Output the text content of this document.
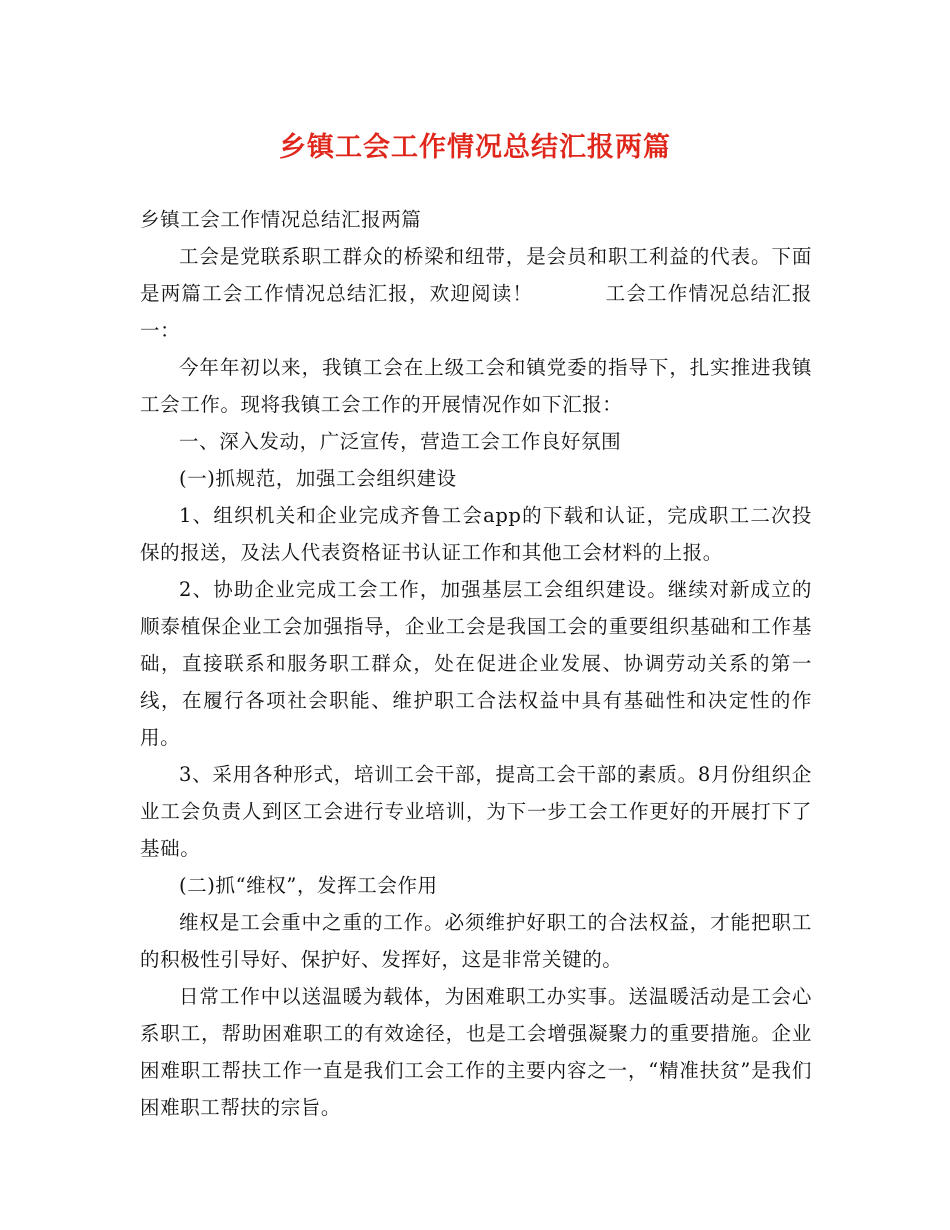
乡镇工会工作情况总结汇报两篇

乡镇工会工作情况总结汇报两篇

工会是党联系职工群众的桥梁和纽带，是会员和职工利益的代表。下面是两篇工会工作情况总结汇报，欢迎阅读！	工会工作情况总结汇报一：

今年年初以来，我镇工会在上级工会和镇党委的指导下，扎实推进我镇工会工作。现将我镇工会工作的开展情况作如下汇报：

一、深入发动，广泛宣传，营造工会工作良好氛围

(一)抓规范，加强工会组织建设

1、组织机关和企业完成齐鲁工会app的下载和认证，完成职工二次投保的报送，及法人代表资格证书认证工作和其他工会材料的上报。

2、协助企业完成工会工作，加强基层工会组织建设。继续对新成立的顺泰植保企业工会加强指导，企业工会是我国工会的重要组织基础和工作基础，直接联系和服务职工群众，处在促进企业发展、协调劳动关系的第一线，在履行各项社会职能、维护职工合法权益中具有基础性和决定性的作用。

3、采用各种形式，培训工会干部，提高工会干部的素质。8月份组织企业工会负责人到区工会进行专业培训，为下一步工会工作更好的开展打下了基础。

(二)抓“维权”，发挥工会作用

维权是工会重中之重的工作。必须维护好职工的合法权益，才能把职工的积极性引导好、保护好、发挥好，这是非常关键的。

日常工作中以送温暖为载体，为困难职工办实事。送温暖活动是工会心系职工，帮助困难职工的有效途径，也是工会增强凝聚力的重要措施。企业困难职工帮扶工作一直是我们工会工作的主要内容之一，“精准扶贫”是我们困难职工帮扶的宗旨。
